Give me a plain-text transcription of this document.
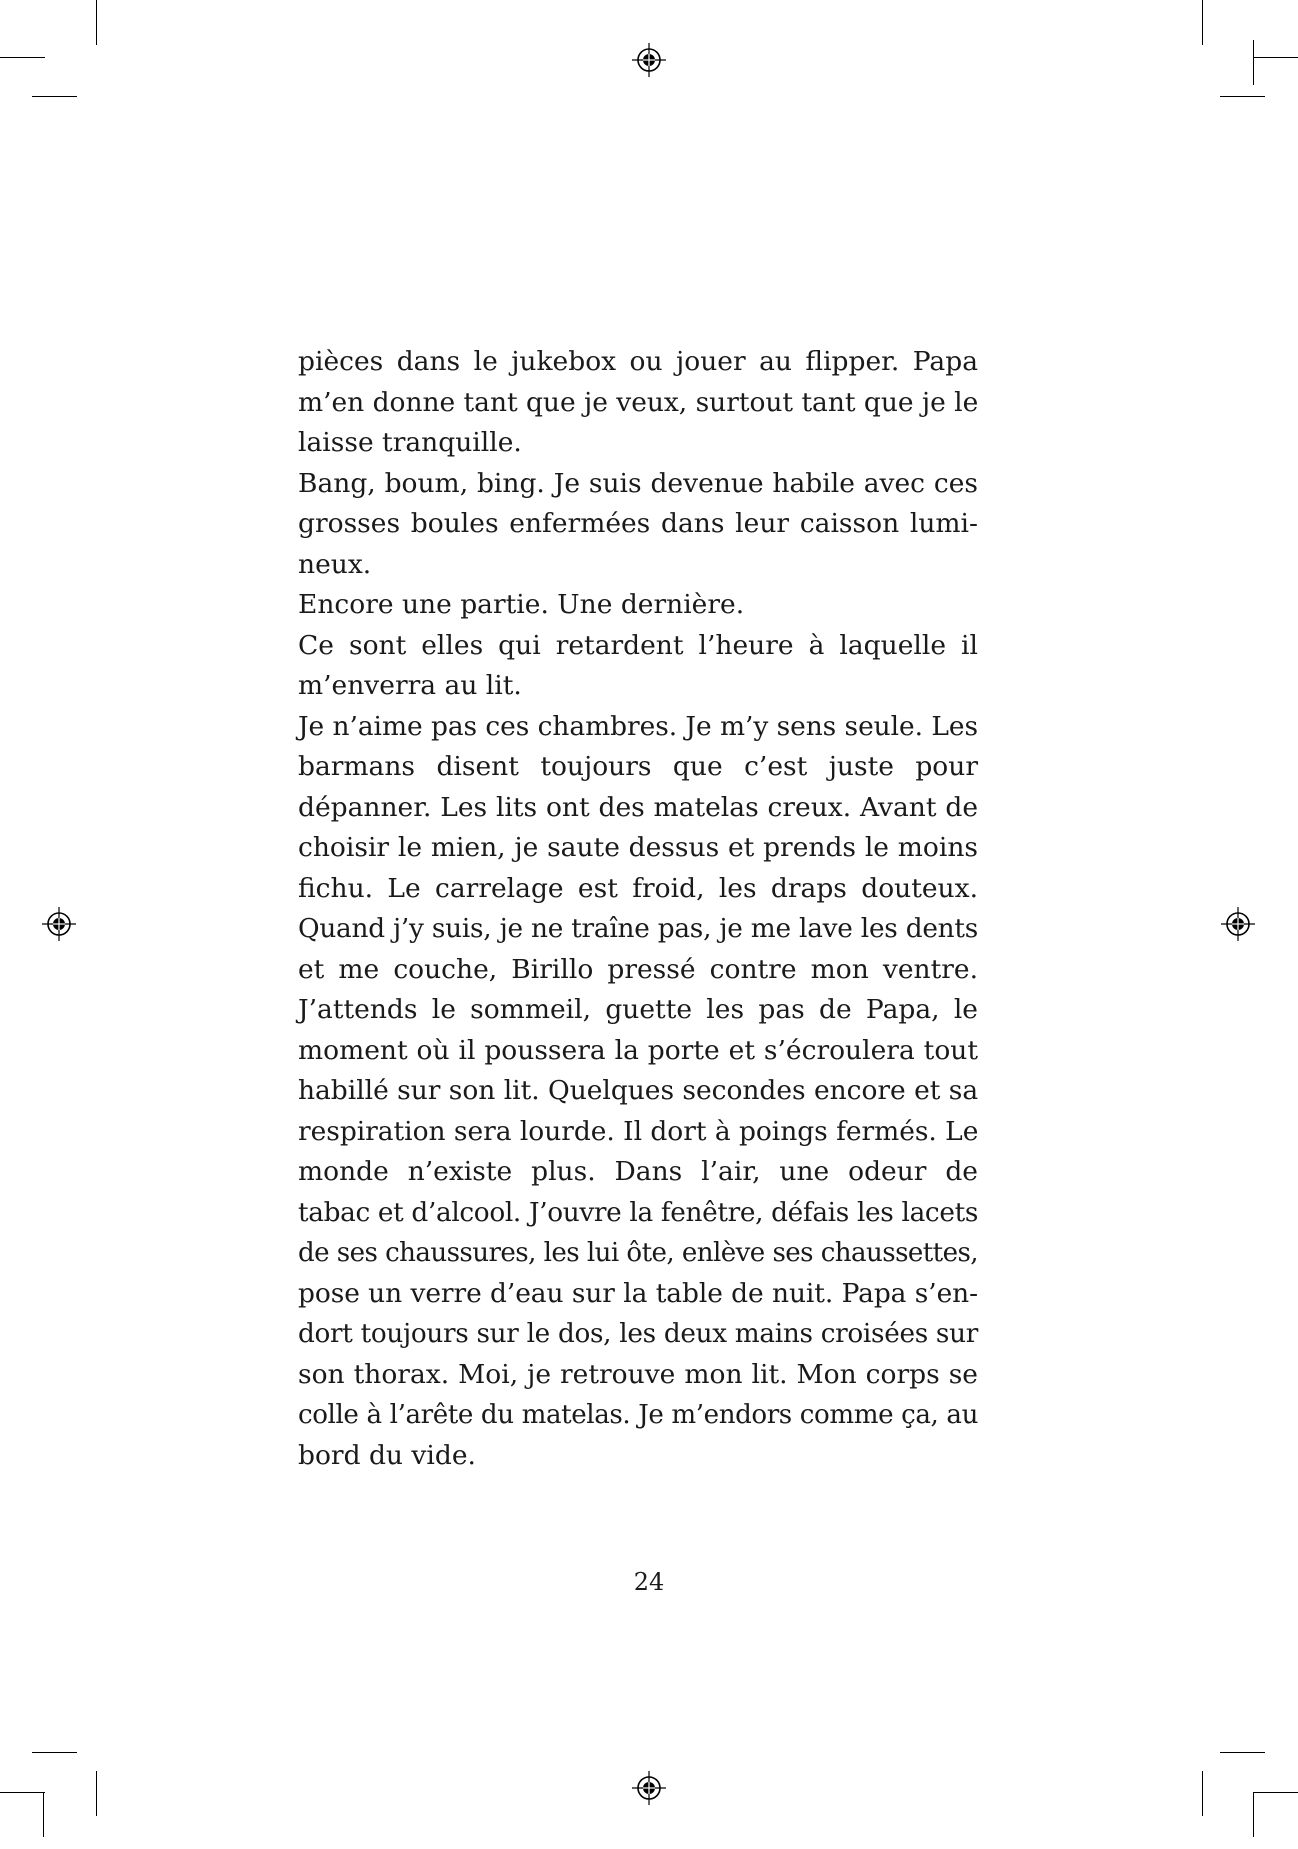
pièces dans le jukebox ou jouer au flipper. Papa
m’en donne tant que je veux, surtout tant que je le
laisse tranquille.
Bang, boum, bing. Je suis devenue habile avec ces
grosses boules enfermées dans leur caisson lumi-
neux.
Encore une partie. Une dernière.
Ce sont elles qui retardent l’heure à laquelle il
m’enverra au lit.
Je n’aime pas ces chambres. Je m’y sens seule. Les
barmans disent toujours que c’est juste pour
dépanner. Les lits ont des matelas creux. Avant de
choisir le mien, je saute dessus et prends le moins
fichu. Le carrelage est froid, les draps douteux.
Quand j’y suis, je ne traîne pas, je me lave les dents
et me couche, Birillo pressé contre mon ventre.
J’attends le sommeil, guette les pas de Papa, le
moment où il poussera la porte et s’écroulera tout
habillé sur son lit. Quelques secondes encore et sa
respiration sera lourde. Il dort à poings fermés. Le
monde n’existe plus. Dans l’air, une odeur de
tabac et d’alcool. J’ouvre la fenêtre, défais les lacets
de ses chaussures, les lui ôte, enlève ses chaussettes,
pose un verre d’eau sur la table de nuit. Papa s’en-
dort toujours sur le dos, les deux mains croisées sur
son thorax. Moi, je retrouve mon lit. Mon corps se
colle à l’arête du matelas. Je m’endors comme ça, au
bord du vide.
24
